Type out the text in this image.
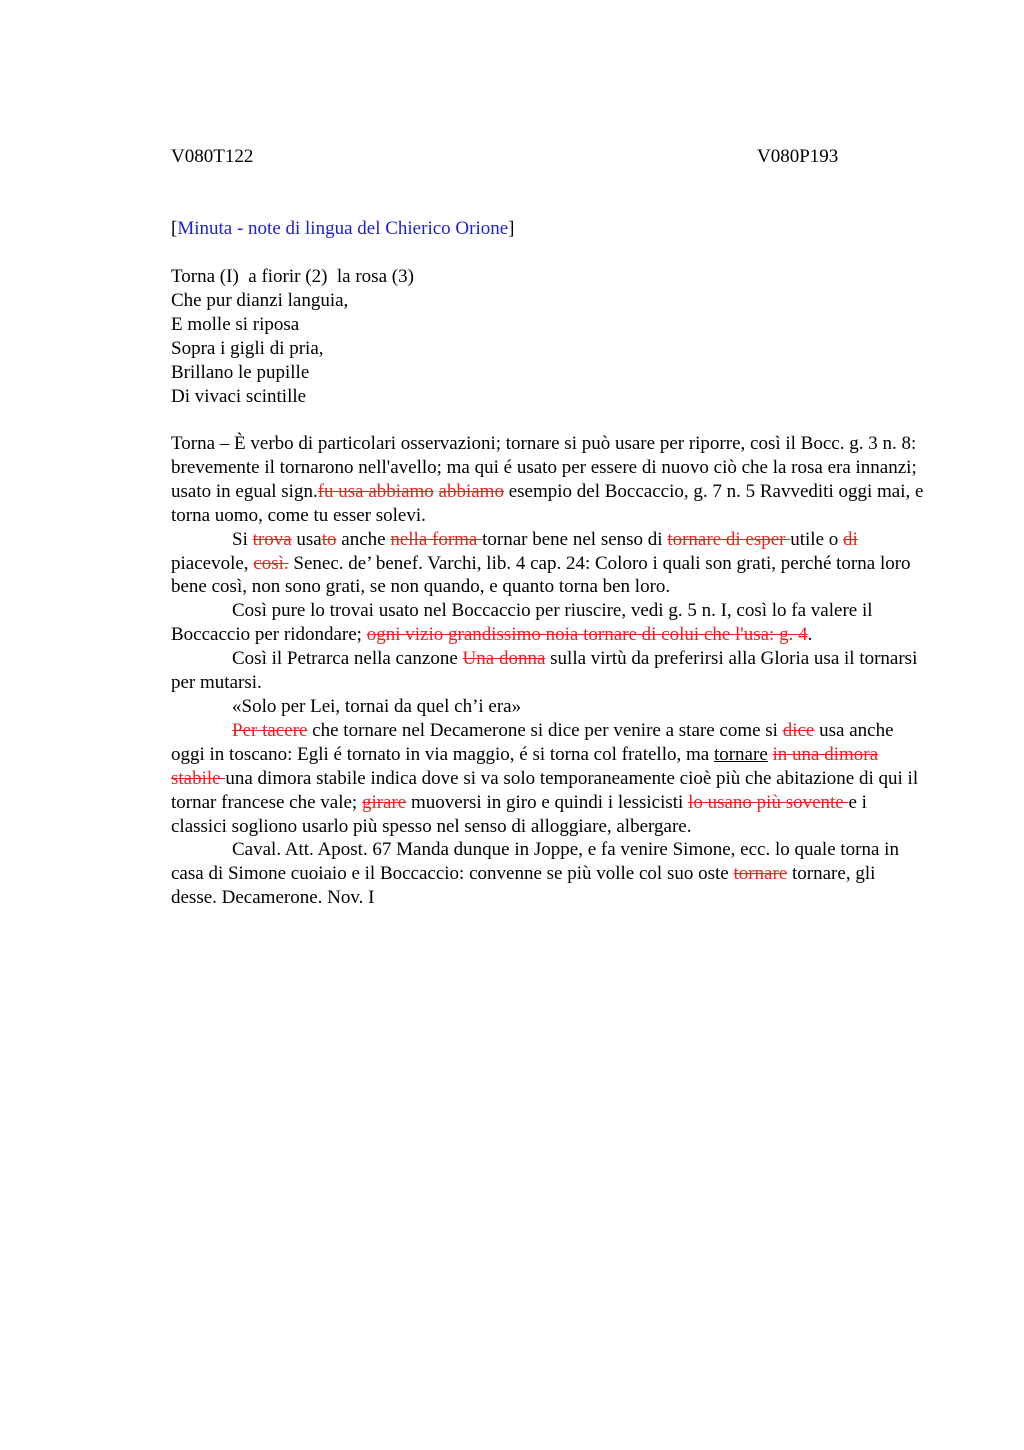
V080T122	V080P193
[Minuta - note di lingua del Chierico Orione]
Torna (I)  a fiorir (2)  la rosa (3)
Che pur dianzi languia,
E molle si riposa
Sopra i gigli di pria,
Brillano le pupille
Di vivaci scintille

Torna – È verbo di particolari osservazioni; tornare si può usare per riporre, così il Bocc. g. 3 n. 8: brevemente il tornarono nell'avello; ma qui é usato per essere di nuovo ciò che la rosa era innanzi; usato in egual sign.fu usa abbiamo abbiamo esempio del Boccaccio, g. 7 n. 5 Ravvediti oggi mai, e torna uomo, come tu esser solevi.

Si trova usato anche nella forma tornar bene nel senso di tornare di esper utile o di piacevole, così. Senec. de’ benef. Varchi, lib. 4 cap. 24: Coloro i quali son grati, perché torna loro bene così, non sono grati, se non quando, e quanto torna ben loro.

Così pure lo trovai usato nel Boccaccio per riuscire, vedi g. 5 n. I, così lo fa valere il Boccaccio per ridondare; ogni vizio grandissimo noia tornare di colui che l'usa: g. 4.

Così il Petrarca nella canzone Una donna sulla virtù da preferirsi alla Gloria usa il tornarsi per mutarsi.

«Solo per Lei, tornai da quel ch’i era»

Per tacere che tornare nel Decamerone si dice per venire a stare come si dice usa anche oggi in toscano: Egli é tornato in via maggio, é si torna col fratello, ma tornare in una dimora stabile una dimora stabile indica dove si va solo temporaneamente cioè più che abitazione di qui il tornar francese che vale; girare muoversi in giro e quindi i lessicisti lo usano più sovente e i classici sogliono usarlo più spesso nel senso di alloggiare, albergare.

Caval. Att. Apost. 67 Manda dunque in Joppe, e fa venire Simone, ecc. lo quale torna in casa di Simone cuoiaio e il Boccaccio: convenne se più volle col suo oste tornare tornare, gli desse. Decamerone. Nov. I
